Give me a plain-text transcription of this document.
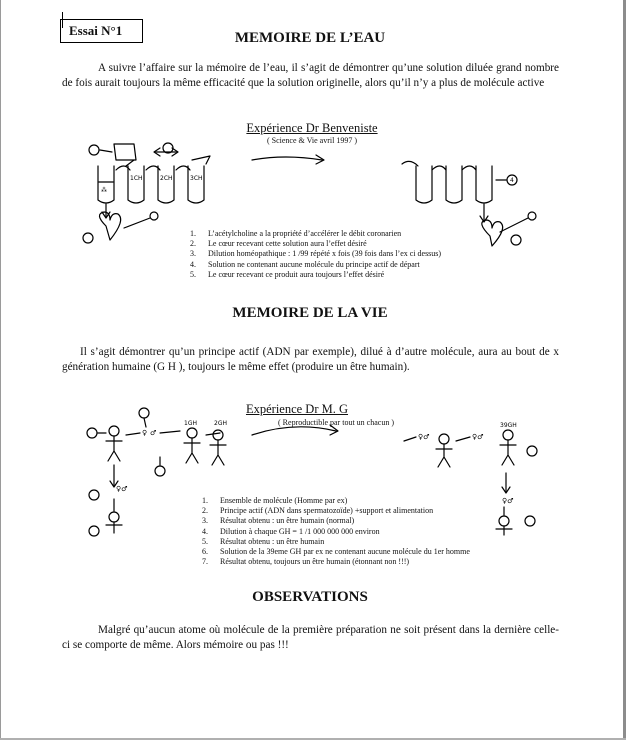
Essai N°1	MEMOIRE DE L’EAU
A suivre l’affaire sur la mémoire de l’eau, il s’agit de démontrer qu’une solution diluée grand nombre de fois aurait toujours la même efficacité que la solution originelle, alors qu’il n’y a plus de molécule active
Expérience Dr Benveniste
( Science & Vie avril 1997 )
⁂
1CH	2CH	3CH	4
1.	L’acétylcholine a la propriété d’accélérer le débit coronarien
2.	Le cœur recevant cette solution aura l’effet désiré
3.	Dilution homéopathique : 1 /99 répété x fois (39 fois dans l’ex ci dessus)
4.	Solution ne contenant aucune molécule du principe actif de départ
5.	Le cœur recevant ce produit aura toujours l’effet désiré
MEMOIRE DE LA VIE
Il s’agit démontrer qu’un principe actif (ADN par exemple), dilué à d’autre molécule, aura au bout de x génération humaine (G H ), toujours le même effet (produire un être humain).
Expérience Dr M. G
( Reproductible par tout un chacun )
♀ ♂
1GH	2GH
♀♂
♀♂	♀♂
39GH
♀♂
1.	Ensemble de molécule (Homme par ex)
2.	Principe actif (ADN dans spermatozoïde) +support et alimentation
3.	Résultat obtenu : un être humain (normal)
4.	Dilution à chaque GH = 1 /1 000 000 000 environ
5.	Résultat obtenu : un être humain
6.	Solution de la 39eme GH par ex ne contenant aucune molécule du 1er homme
7.	Résultat obtenu, toujours un être humain (étonnant non !!!)
OBSERVATIONS
Malgré qu’aucun atome où molécule de la première préparation ne soit présent dans la dernière celle-ci se comporte de même. Alors mémoire ou pas !!!
